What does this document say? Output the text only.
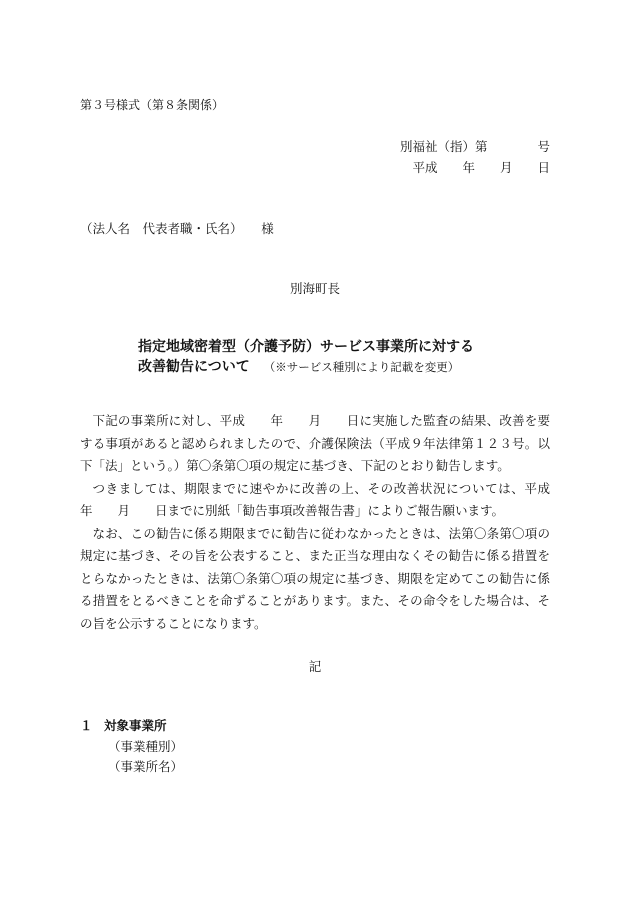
第３号様式（第８条関係）
別福祉（指）第　　　　号
平成　　年　　月　　日
（法人名　代表者職・氏名）　　様
別海町長
指定地域密着型（介護予防）サービス事業所に対する
改善勧告について （※サービス種別により記載を変更）

下記の事業所に対し、平成　　年　　月　　日に実施した監査の結果、改善を要する事項があると認められましたので、介護保険法（平成９年法律第１２３号。以下「法」という。）第〇条第〇項の規定に基づき、下記のとおり勧告します。

つきましては、期限までに速やかに改善の上、その改善状況については、平成　　年　　月　　日までに別紙「勧告事項改善報告書」によりご報告願います。

なお、この勧告に係る期限までに勧告に従わなかったときは、法第〇条第〇項の規定に基づき、その旨を公表すること、また正当な理由なくその勧告に係る措置をとらなかったときは、法第〇条第〇項の規定に基づき、期限を定めてこの勧告に係る措置をとるべきことを命ずることがあります。また、その命令をした場合は、その旨を公示することになります。

記
１ 対象事業所
（事業種別）
（事業所名）
